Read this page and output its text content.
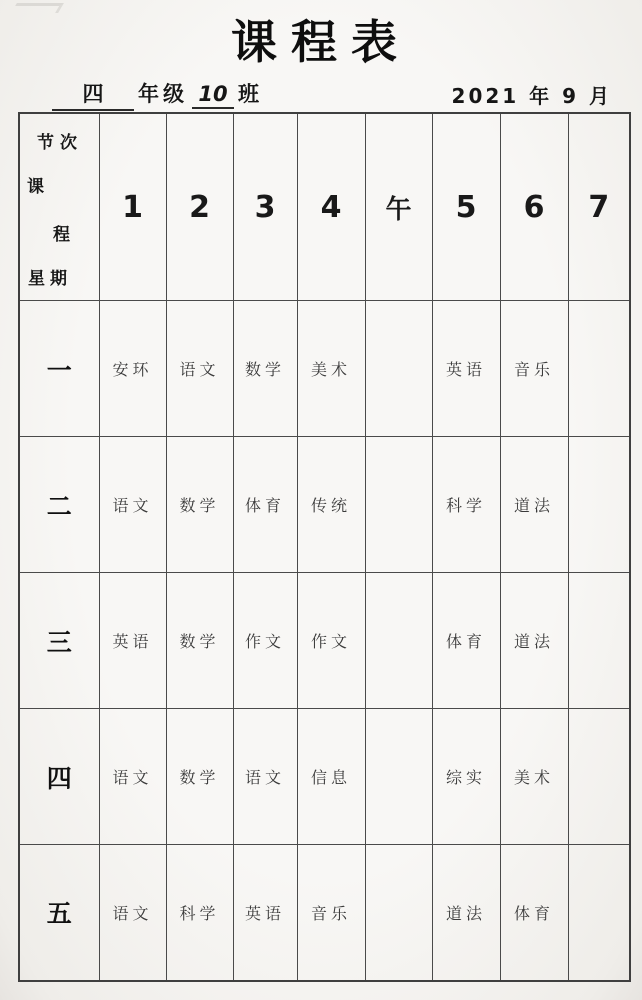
课程表
四 年级 10 班	2021 年 9 月
节次
课
程
星期	1	2	3	4	午	5	6	7
一	安环	语文	数学	美术		英语	音乐	
二	语文	数学	体育	传统		科学	道法	
三	英语	数学	作文	作文		体育	道法	
四	语文	数学	语文	信息		综实	美术	
五	语文	科学	英语	音乐		道法	体育	
